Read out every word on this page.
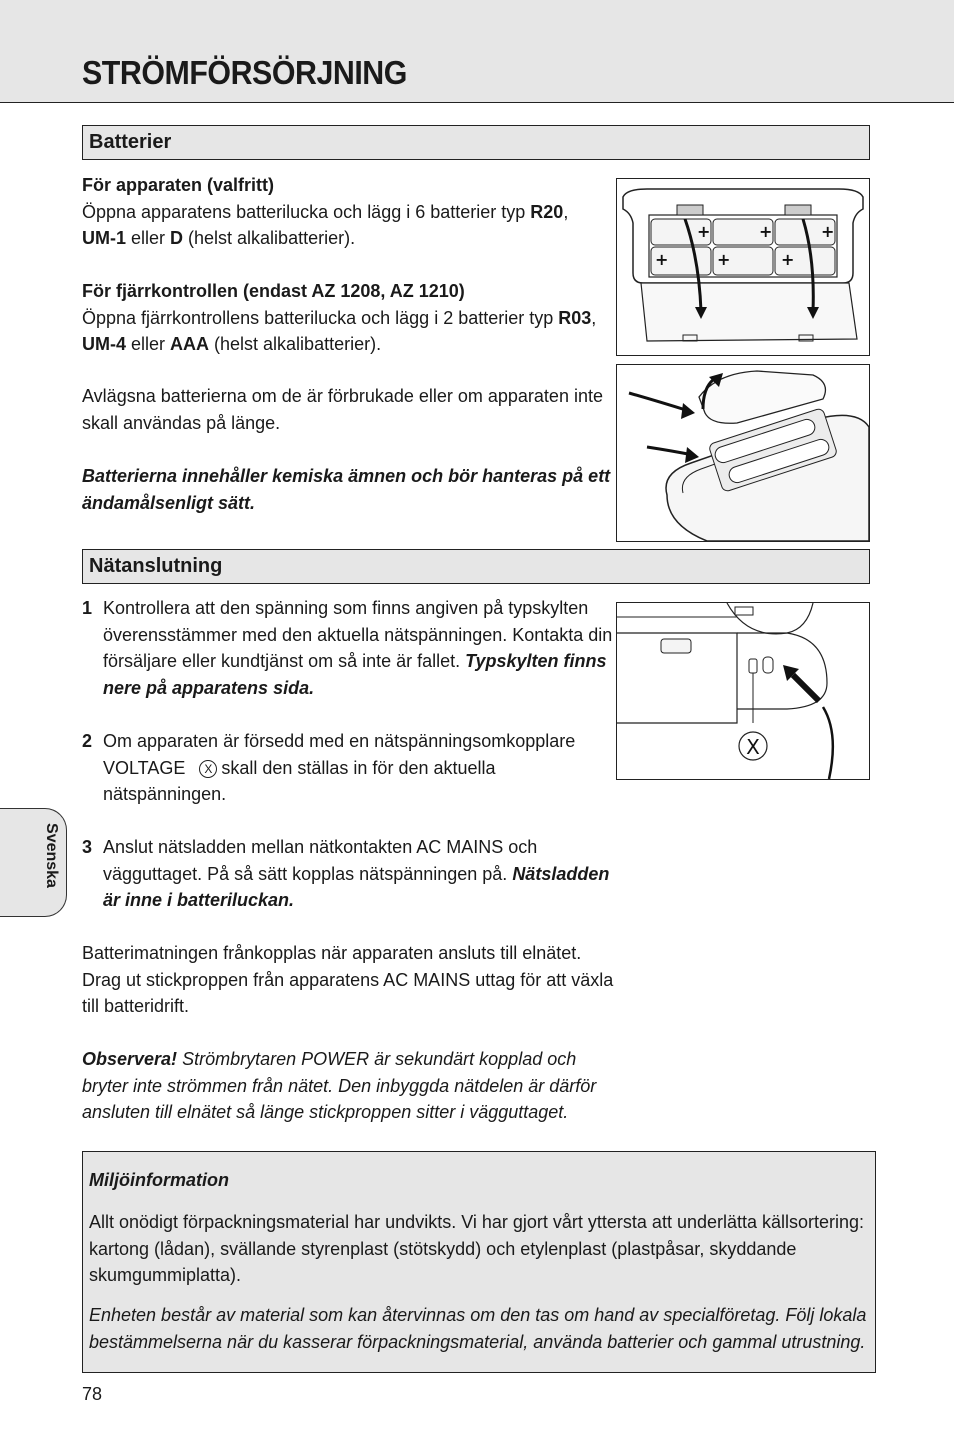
STRÖMFÖRSÖRJNING
Batterier
För apparaten (valfritt)
Öppna apparatens batterilucka och lägg i 6 batterier typ R20,
UM-1 eller D (helst alkalibatterier).
För fjärrkontrollen (endast AZ 1208, AZ 1210)
Öppna fjärrkontrollens batterilucka och lägg i 2 batterier typ R03,
UM-4 eller AAA (helst alkalibatterier).
Avlägsna batterierna om de är förbrukade eller om apparaten inte skall användas på länge.
Batterierna innehåller kemiska ämnen och bör hanteras på ett ändamålsenligt sätt.
+	+	+
+	+	+
Nätanslutning
1 Kontrollera att den spänning som finns angiven på typskylten överensstämmer med den aktuella nätspänningen. Kontakta din försäljare eller kundtjänst om så inte är fallet. Typskylten finns nere på apparatens sida.
2 Om apparaten är försedd med en nätspänningsomkopplare VOLTAGE X skall den ställas in för den aktuella nätspänningen.
3 Anslut nätsladden mellan nätkontakten AC MAINS och vägguttaget. På så sätt kopplas nätspänningen på. Nätsladden är inne i batteriluckan.
Batterimatningen frånkopplas när apparaten ansluts till elnätet. Drag ut stickproppen från apparatens AC MAINS uttag för att växla till batteridrift.
Observera! Strömbrytaren POWER är sekundärt kopplad och bryter inte strömmen från nätet. Den inbyggda nätdelen är därför ansluten till elnätet så länge stickproppen sitter i vägguttaget.
X
Svenska
Miljöinformation
Allt onödigt förpackningsmaterial har undvikts. Vi har gjort vårt yttersta att underlätta källsortering: kartong (lådan), svällande styrenplast (stötskydd) och etylenplast (plastpåsar, skyddande skumgummiplatta).
Enheten består av material som kan återvinnas om den tas om hand av specialföretag. Följ lokala bestämmelserna när du kasserar förpackningsmaterial, använda batterier och gammal utrustning.
78
